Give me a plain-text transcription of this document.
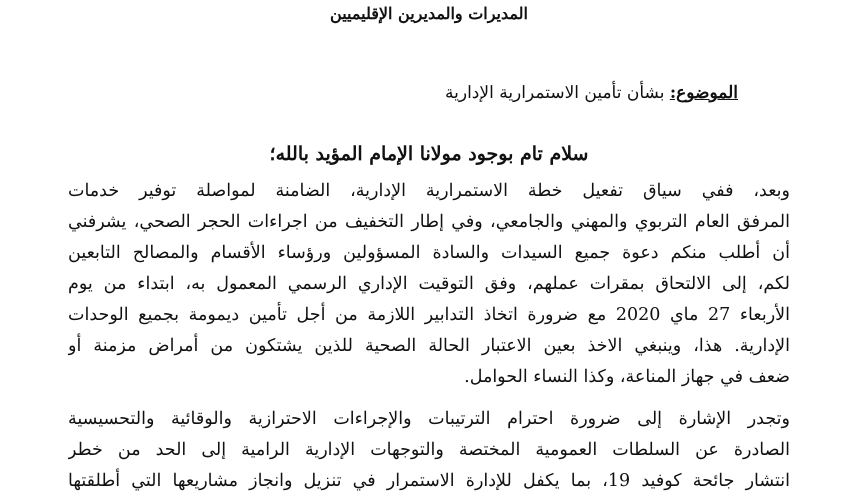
المديرات والمديرين الإقليميين
الموضوع: بشأن تأمين الاستمرارية الإدارية
سلام تام بوجود مولانا الإمام المؤيد بالله؛
وبعد، ففي سياق تفعيل خطة الاستمرارية الإدارية، الضامنة لمواصلة توفير خدمات
المرفق العام التربوي والمهني والجامعي، وفي إطار التخفيف من اجراءات الحجر الصحي، يشرفني
أن أطلب منكم دعوة جميع السيدات والسادة المسؤولين ورؤساء الأقسام والمصالح التابعين
لكم، إلى الالتحاق بمقرات عملهم، وفق التوقيت الإداري الرسمي المعمول به، ابتداء من يوم
الأربعاء 27 ماي 2020 مع ضرورة اتخاذ التدابير اللازمة من أجل تأمين ديمومة بجميع الوحدات
الإدارية. هذا، وينبغي الاخذ بعين الاعتبار الحالة الصحية للذين يشتكون من أمراض مزمنة أو
ضعف في جهاز المناعة، وكذا النساء الحوامل.
وتجدر الإشارة إلى ضرورة احترام الترتيبات والإجراءات الاحترازية والوقائية والتحسيسية
الصادرة عن السلطات العمومية المختصة والتوجهات الإدارية الرامية إلى الحد من خطر
انتشار جائحة كوفيد 19، بما يكفل للإدارة الاستمرار في تنزيل وانجاز مشاريعها التي أطلقتها
